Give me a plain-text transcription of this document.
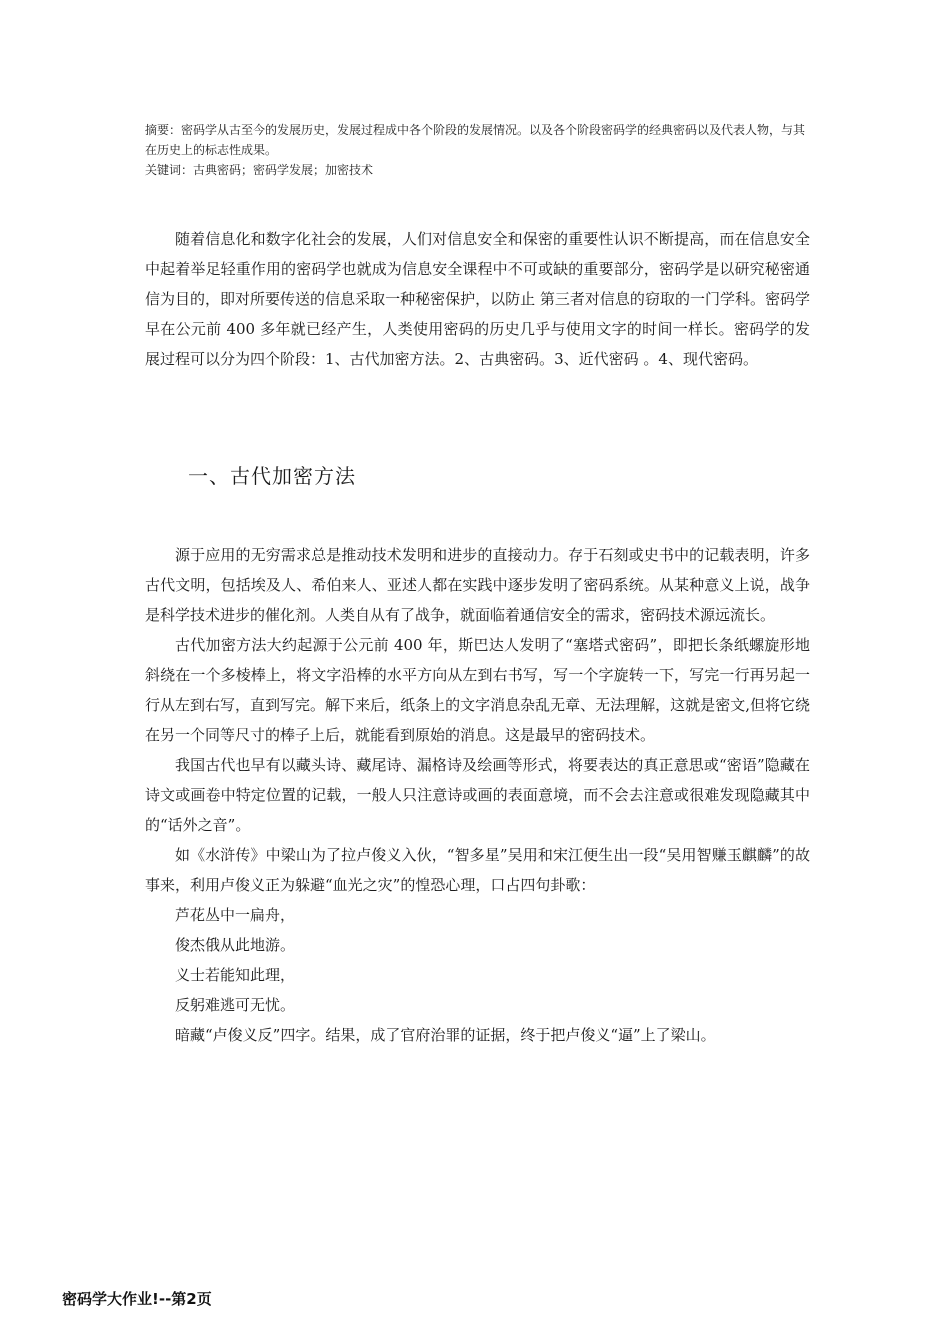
摘要：密码学从古至今的发展历史，发展过程成中各个阶段的发展情况。以及各个阶段密码学的经典密码以及代表人物，与其在历史上的标志性成果。

关键词：古典密码；密码学发展；加密技术

随着信息化和数字化社会的发展，人们对信息安全和保密的重要性认识不断提高，而在信息安全中起着举足轻重作用的密码学也就成为信息安全课程中不可或缺的重要部分，密码学是以研究秘密通信为目的，即对所要传送的信息采取一种秘密保护，以防止 第三者对信息的窃取的一门学科。密码学早在公元前 400 多年就已经产生，人类使用密码的历史几乎与使用文字的时间一样长。密码学的发展过程可以分为四个阶段：1、古代加密方法。2、古典密码。3、近代密码 。4、现代密码。

一、古代加密方法

源于应用的无穷需求总是推动技术发明和进步的直接动力。存于石刻或史书中的记载表明，许多古代文明，包括埃及人、希伯来人、亚述人都在实践中逐步发明了密码系统。从某种意义上说，战争是科学技术进步的催化剂。人类自从有了战争，就面临着通信安全的需求，密码技术源远流长。

古代加密方法大约起源于公元前 400 年，斯巴达人发明了“塞塔式密码”，即把长条纸螺旋形地斜绕在一个多棱棒上，将文字沿棒的水平方向从左到右书写，写一个字旋转一下，写完一行再另起一行从左到右写，直到写完。解下来后，纸条上的文字消息杂乱无章、无法理解，这就是密文,但将它绕在另一个同等尺寸的棒子上后，就能看到原始的消息。这是最早的密码技术。

我国古代也早有以藏头诗、藏尾诗、漏格诗及绘画等形式，将要表达的真正意思或“密语”隐藏在诗文或画卷中特定位置的记载，一般人只注意诗或画的表面意境，而不会去注意或很难发现隐藏其中的“话外之音”。

如《水浒传》中梁山为了拉卢俊义入伙，“智多星”吴用和宋江便生出一段“吴用智赚玉麒麟”的故事来，利用卢俊义正为躲避“血光之灾”的惶恐心理，口占四句卦歌：

芦花丛中一扁舟，

俊杰俄从此地游。

义士若能知此理，

反躬难逃可无忧。

暗藏“卢俊义反”四字。结果，成了官府治罪的证据，终于把卢俊义“逼”上了梁山。

密码学大作业!--第2页
